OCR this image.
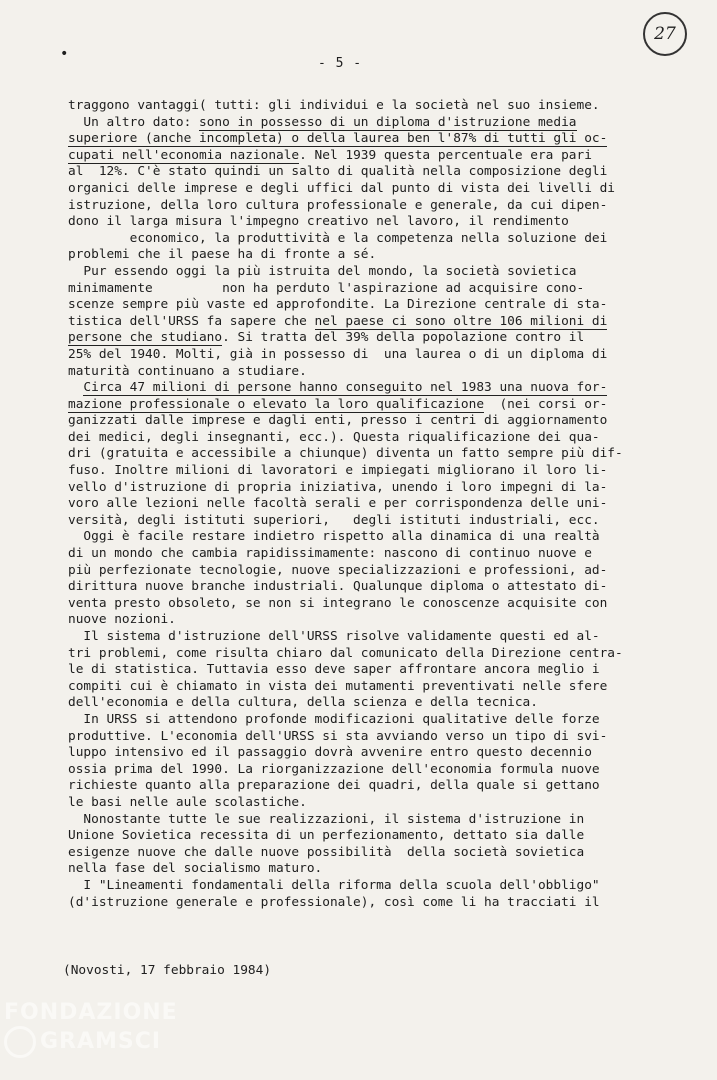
27
•
- 5 -
traggono vantaggi( tutti: gli individui e la società nel suo insieme.
Un altro dato: sono in possesso di un diploma d'istruzione media
superiore (anche incompleta) o della laurea ben l'87% di tutti gli oc-
cupati nell'economia nazionale. Nel 1939 questa percentuale era pari
al  12%. C'è stato quindi un salto di qualità nella composizione degli
organici delle imprese e degli uffici dal punto di vista dei livelli di
istruzione, della loro cultura professionale e generale, da cui dipen-
dono il larga misura l'impegno creativo nel lavoro, il rendimento
economico, la produttività e la competenza nella soluzione dei
problemi che il paese ha di fronte a sé.
Pur essendo oggi la più istruita del mondo, la società sovietica
minimamente         non ha perduto l'aspirazione ad acquisire cono-
scenze sempre più vaste ed approfondite. La Direzione centrale di sta-
tistica dell'URSS fa sapere che nel paese ci sono oltre 106 milioni di
persone che studiano. Si tratta del 39% della popolazione contro il
25% del 1940. Molti, già in possesso di  una laurea o di un diploma di
maturità continuano a studiare.
Circa 47 milioni di persone hanno conseguito nel 1983 una nuova for-
mazione professionale o elevato la loro qualificazione  (nei corsi or-
ganizzati dalle imprese e dagli enti, presso i centri di aggiornamento
dei medici, degli insegnanti, ecc.). Questa riqualificazione dei qua-
dri (gratuita e accessibile a chiunque) diventa un fatto sempre più dif-
fuso. Inoltre milioni di lavoratori e impiegati migliorano il loro li-
vello d'istruzione di propria iniziativa, unendo i loro impegni di la-
voro alle lezioni nelle facoltà serali e per corrispondenza delle uni-
versità, degli istituti superiori,   degli istituti industriali, ecc.
Oggi è facile restare indietro rispetto alla dinamica di una realtà
di un mondo che cambia rapidissimamente: nascono di continuo nuove e
più perfezionate tecnologie, nuove specializzazioni e professioni, ad-
dirittura nuove branche industriali. Qualunque diploma o attestato di-
venta presto obsoleto, se non si integrano le conoscenze acquisite con
nuove nozioni.
Il sistema d'istruzione dell'URSS risolve validamente questi ed al-
tri problemi, come risulta chiaro dal comunicato della Direzione centra-
le di statistica. Tuttavia esso deve saper affrontare ancora meglio i
compiti cui è chiamato in vista dei mutamenti preventivati nelle sfere
dell'economia e della cultura, della scienza e della tecnica.
In URSS si attendono profonde modificazioni qualitative delle forze
produttive. L'economia dell'URSS si sta avviando verso un tipo di svi-
luppo intensivo ed il passaggio dovrà avvenire entro questo decennio
ossia prima del 1990. La riorganizzazione dell'economia formula nuove
richieste quanto alla preparazione dei quadri, della quale si gettano
le basi nelle aule scolastiche.
Nonostante tutte le sue realizzazioni, il sistema d'istruzione in
Unione Sovietica recessita di un perfezionamento, dettato sia dalle
esigenze nuove che dalle nuove possibilità  della società sovietica
nella fase del socialismo maturo.
I "Lineamenti fondamentali della riforma della scuola dell'obbligo"
(d'istruzione generale e professionale), così come li ha tracciati il
(Novosti, 17 febbraio 1984)
FONDAZIONE
GRAMSCI
